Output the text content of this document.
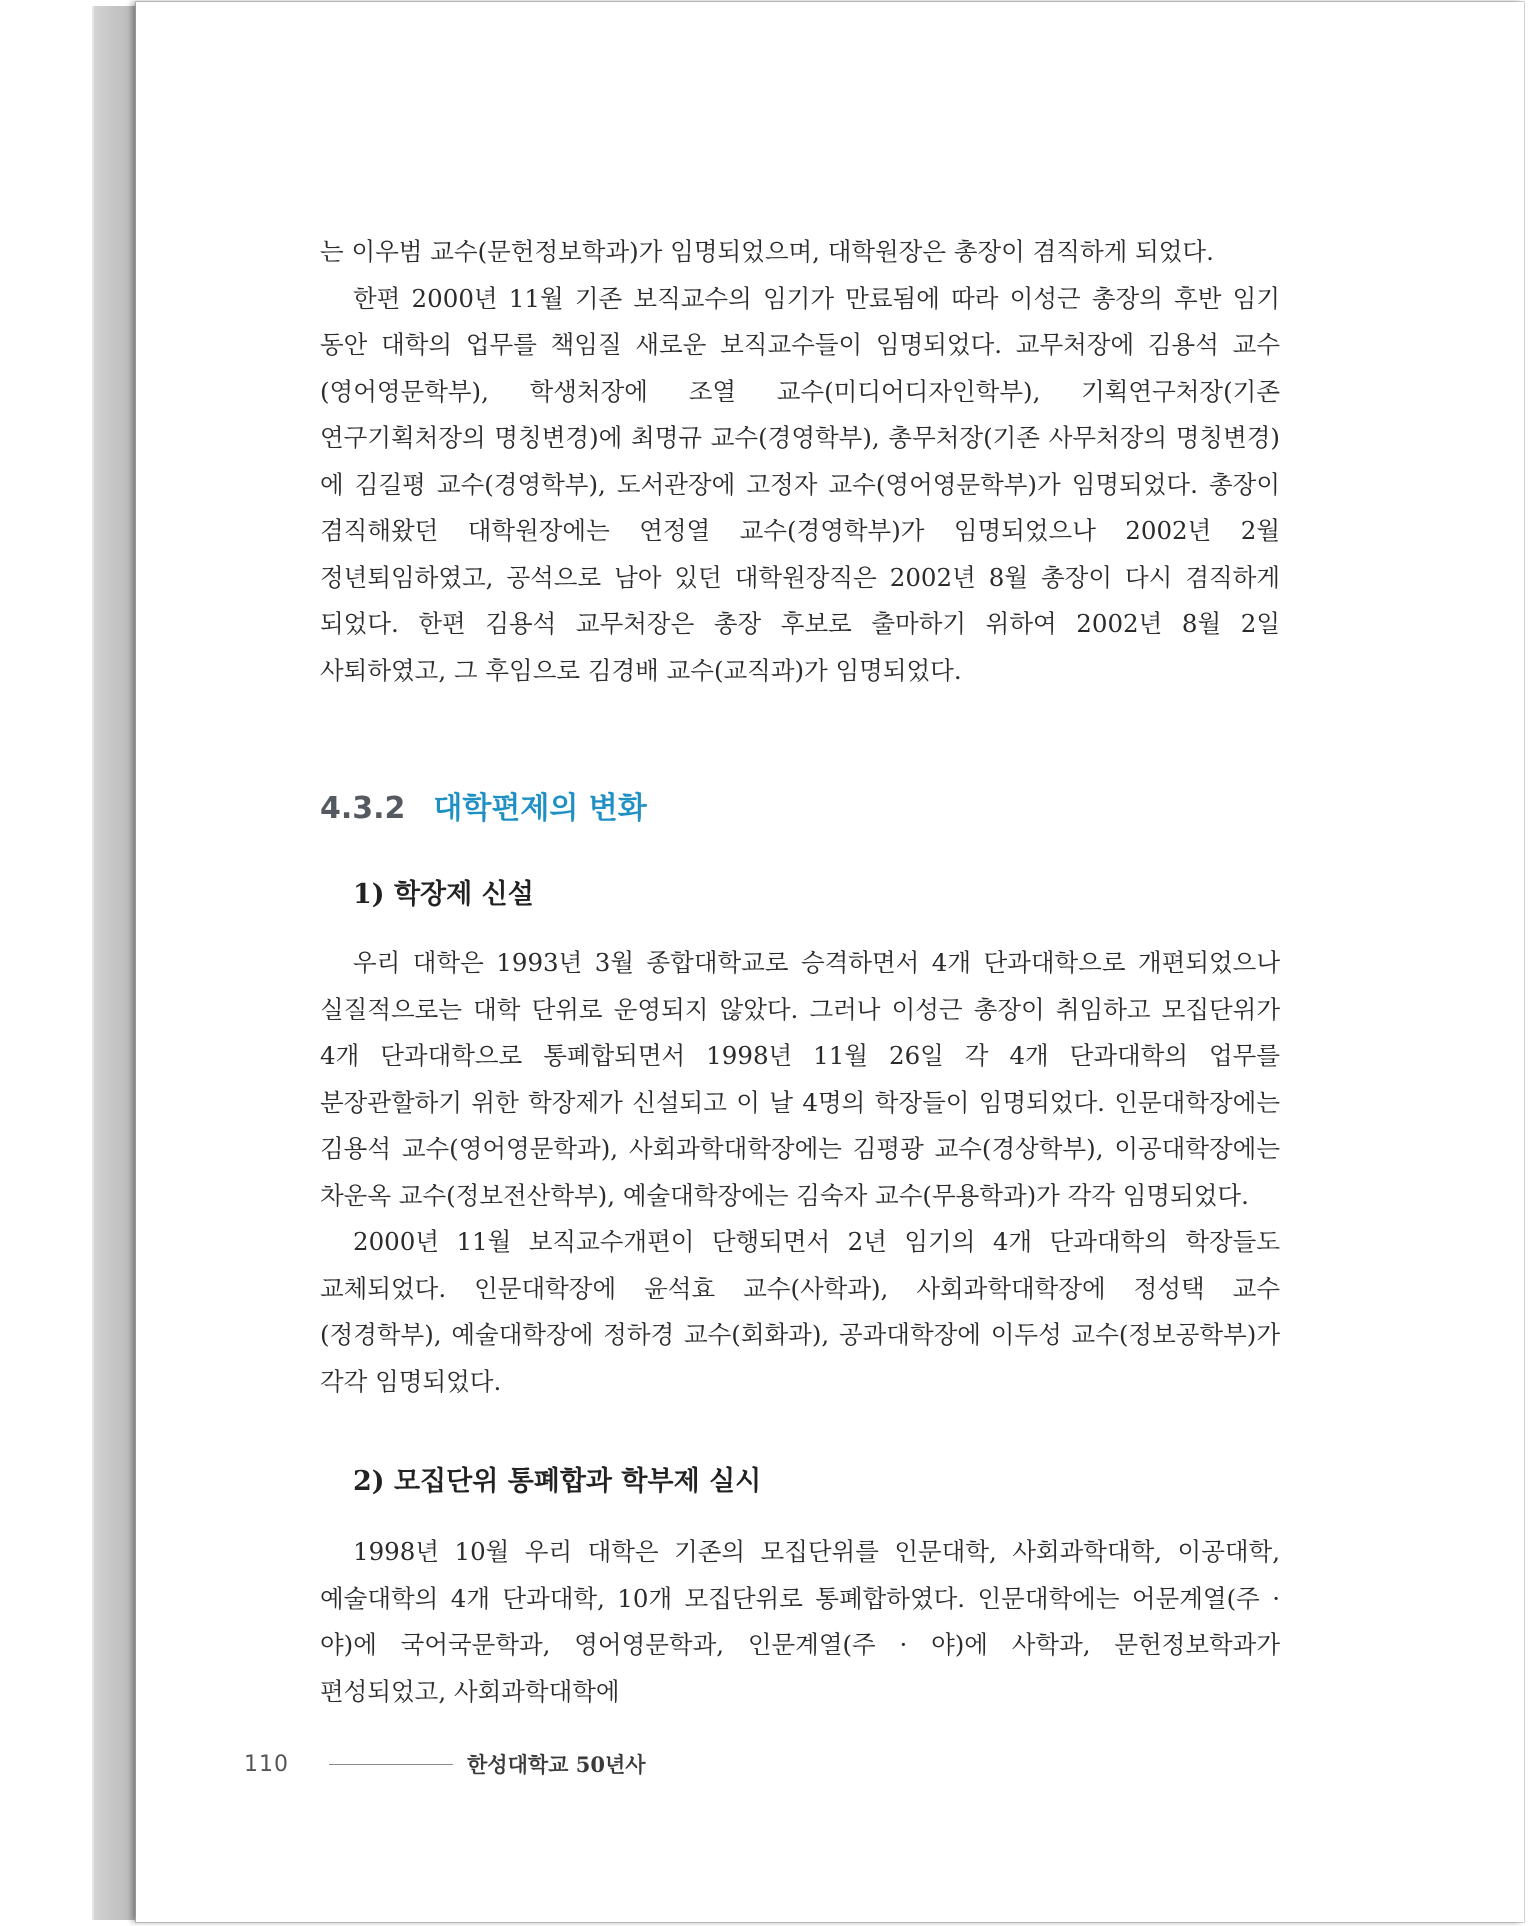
는 이우범 교수(문헌정보학과)가 임명되었으며, 대학원장은 총장이 겸직하게 되었다.

한편 2000년 11월 기존 보직교수의 임기가 만료됨에 따라 이성근 총장의 후반 임기 동안 대학의 업무를 책임질 새로운 보직교수들이 임명되었다. 교무처장에 김용석 교수(영어영문학부), 학생처장에 조열 교수(미디어디자인학부), 기획연구처장(기존 연구기획처장의 명칭변경)에 최명규 교수(경영학부), 총무처장(기존 사무처장의 명칭변경)에 김길평 교수(경영학부), 도서관장에 고정자 교수(영어영문학부)가 임명되었다. 총장이 겸직해왔던 대학원장에는 연정열 교수(경영학부)가 임명되었으나 2002년 2월 정년퇴임하였고, 공석으로 남아 있던 대학원장직은 2002년 8월 총장이 다시 겸직하게 되었다. 한편 김용석 교무처장은 총장 후보로 출마하기 위하여 2002년 8월 2일 사퇴하였고, 그 후임으로 김경배 교수(교직과)가 임명되었다.

4.3.2 대학편제의 변화
1) 학장제 신설

우리 대학은 1993년 3월 종합대학교로 승격하면서 4개 단과대학으로 개편되었으나 실질적으로는 대학 단위로 운영되지 않았다. 그러나 이성근 총장이 취임하고 모집단위가 4개 단과대학으로 통폐합되면서 1998년 11월 26일 각 4개 단과대학의 업무를 분장관할하기 위한 학장제가 신설되고 이 날 4명의 학장들이 임명되었다. 인문대학장에는 김용석 교수(영어영문학과), 사회과학대학장에는 김평광 교수(경상학부), 이공대학장에는 차운옥 교수(정보전산학부), 예술대학장에는 김숙자 교수(무용학과)가 각각 임명되었다.

2000년 11월 보직교수개편이 단행되면서 2년 임기의 4개 단과대학의 학장들도 교체되었다. 인문대학장에 윤석효 교수(사학과), 사회과학대학장에 정성택 교수(정경학부), 예술대학장에 정하경 교수(회화과), 공과대학장에 이두성 교수(정보공학부)가 각각 임명되었다.

2) 모집단위 통폐합과 학부제 실시

1998년 10월 우리 대학은 기존의 모집단위를 인문대학, 사회과학대학, 이공대학, 예술대학의 4개 단과대학, 10개 모집단위로 통폐합하였다. 인문대학에는 어문계열(주 · 야)에 국어국문학과, 영어영문학과, 인문계열(주 · 야)에 사학과, 문헌정보학과가 편성되었고, 사회과학대학에

110	한성대학교 50년사
